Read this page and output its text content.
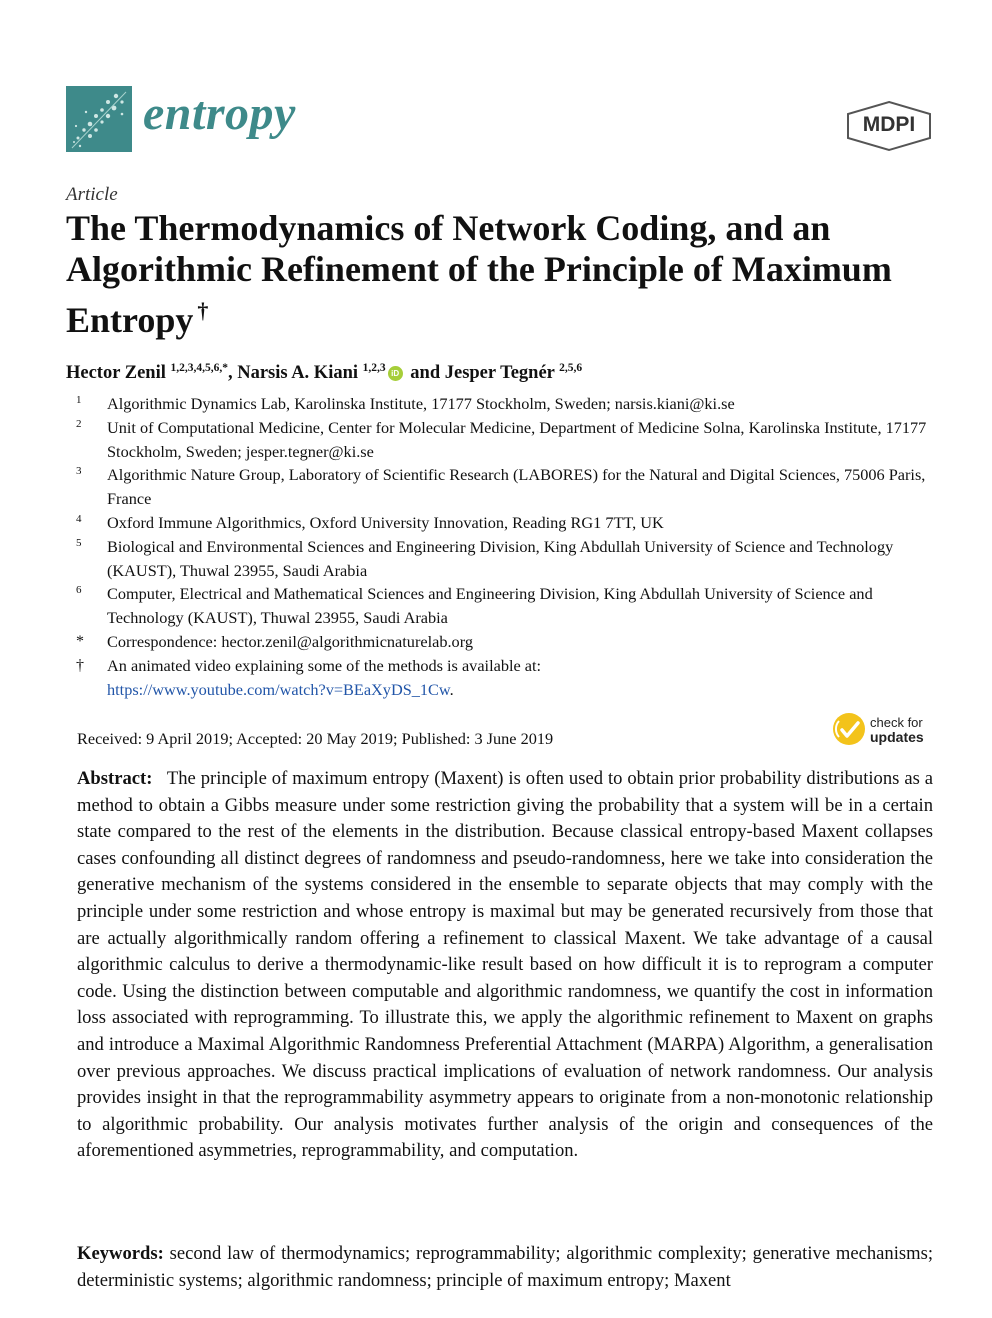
entropy	MDPI
Article
The Thermodynamics of Network Coding, and an Algorithmic Refinement of the Principle of Maximum Entropy †
Hector Zenil $^{1,2,3,4,5,6,*}$, Narsis A. Kiani $^{1,2,3}$ iD and Jesper Tegnér $^{2,5,6}$
1	Algorithmic Dynamics Lab, Karolinska Institute, 17177 Stockholm, Sweden; narsis.kiani@ki.se
2	Unit of Computational Medicine, Center for Molecular Medicine, Department of Medicine Solna, Karolinska Institute, 17177 Stockholm, Sweden; jesper.tegner@ki.se
3	Algorithmic Nature Group, Laboratory of Scientific Research (LABORES) for the Natural and Digital Sciences, 75006 Paris, France
4	Oxford Immune Algorithmics, Oxford University Innovation, Reading RG1 7TT, UK
5	Biological and Environmental Sciences and Engineering Division, King Abdullah University of Science and Technology (KAUST), Thuwal 23955, Saudi Arabia
6	Computer, Electrical and Mathematical Sciences and Engineering Division, King Abdullah University of Science and Technology (KAUST), Thuwal 23955, Saudi Arabia
*	Correspondence: hector.zenil@algorithmicnaturelab.org
†	An animated video explaining some of the methods is available at:
https://www.youtube.com/watch?v=BEaXyDS_1Cw.
Received: 9 April 2019; Accepted: 20 May 2019; Published: 3 June 2019
check for
updates
Abstract: The principle of maximum entropy (Maxent) is often used to obtain prior probability distributions as a method to obtain a Gibbs measure under some restriction giving the probability that a system will be in a certain state compared to the rest of the elements in the distribution. Because classical entropy-based Maxent collapses cases confounding all distinct degrees of randomness and pseudo-randomness, here we take into consideration the generative mechanism of the systems considered in the ensemble to separate objects that may comply with the principle under some restriction and whose entropy is maximal but may be generated recursively from those that are actually algorithmically random offering a refinement to classical Maxent. We take advantage of a causal algorithmic calculus to derive a thermodynamic-like result based on how difficult it is to reprogram a computer code. Using the distinction between computable and algorithmic randomness, we quantify the cost in information loss associated with reprogramming. To illustrate this, we apply the algorithmic refinement to Maxent on graphs and introduce a Maximal Algorithmic Randomness Preferential Attachment (MARPA) Algorithm, a generalisation over previous approaches. We discuss practical implications of evaluation of network randomness. Our analysis provides insight in that the reprogrammability asymmetry appears to originate from a non-monotonic relationship to algorithmic probability. Our analysis motivates further analysis of the origin and consequences of the aforementioned asymmetries, reprogrammability, and computation.
Keywords: second law of thermodynamics; reprogrammability; algorithmic complexity; generative mechanisms; deterministic systems; algorithmic randomness; principle of maximum entropy; Maxent
